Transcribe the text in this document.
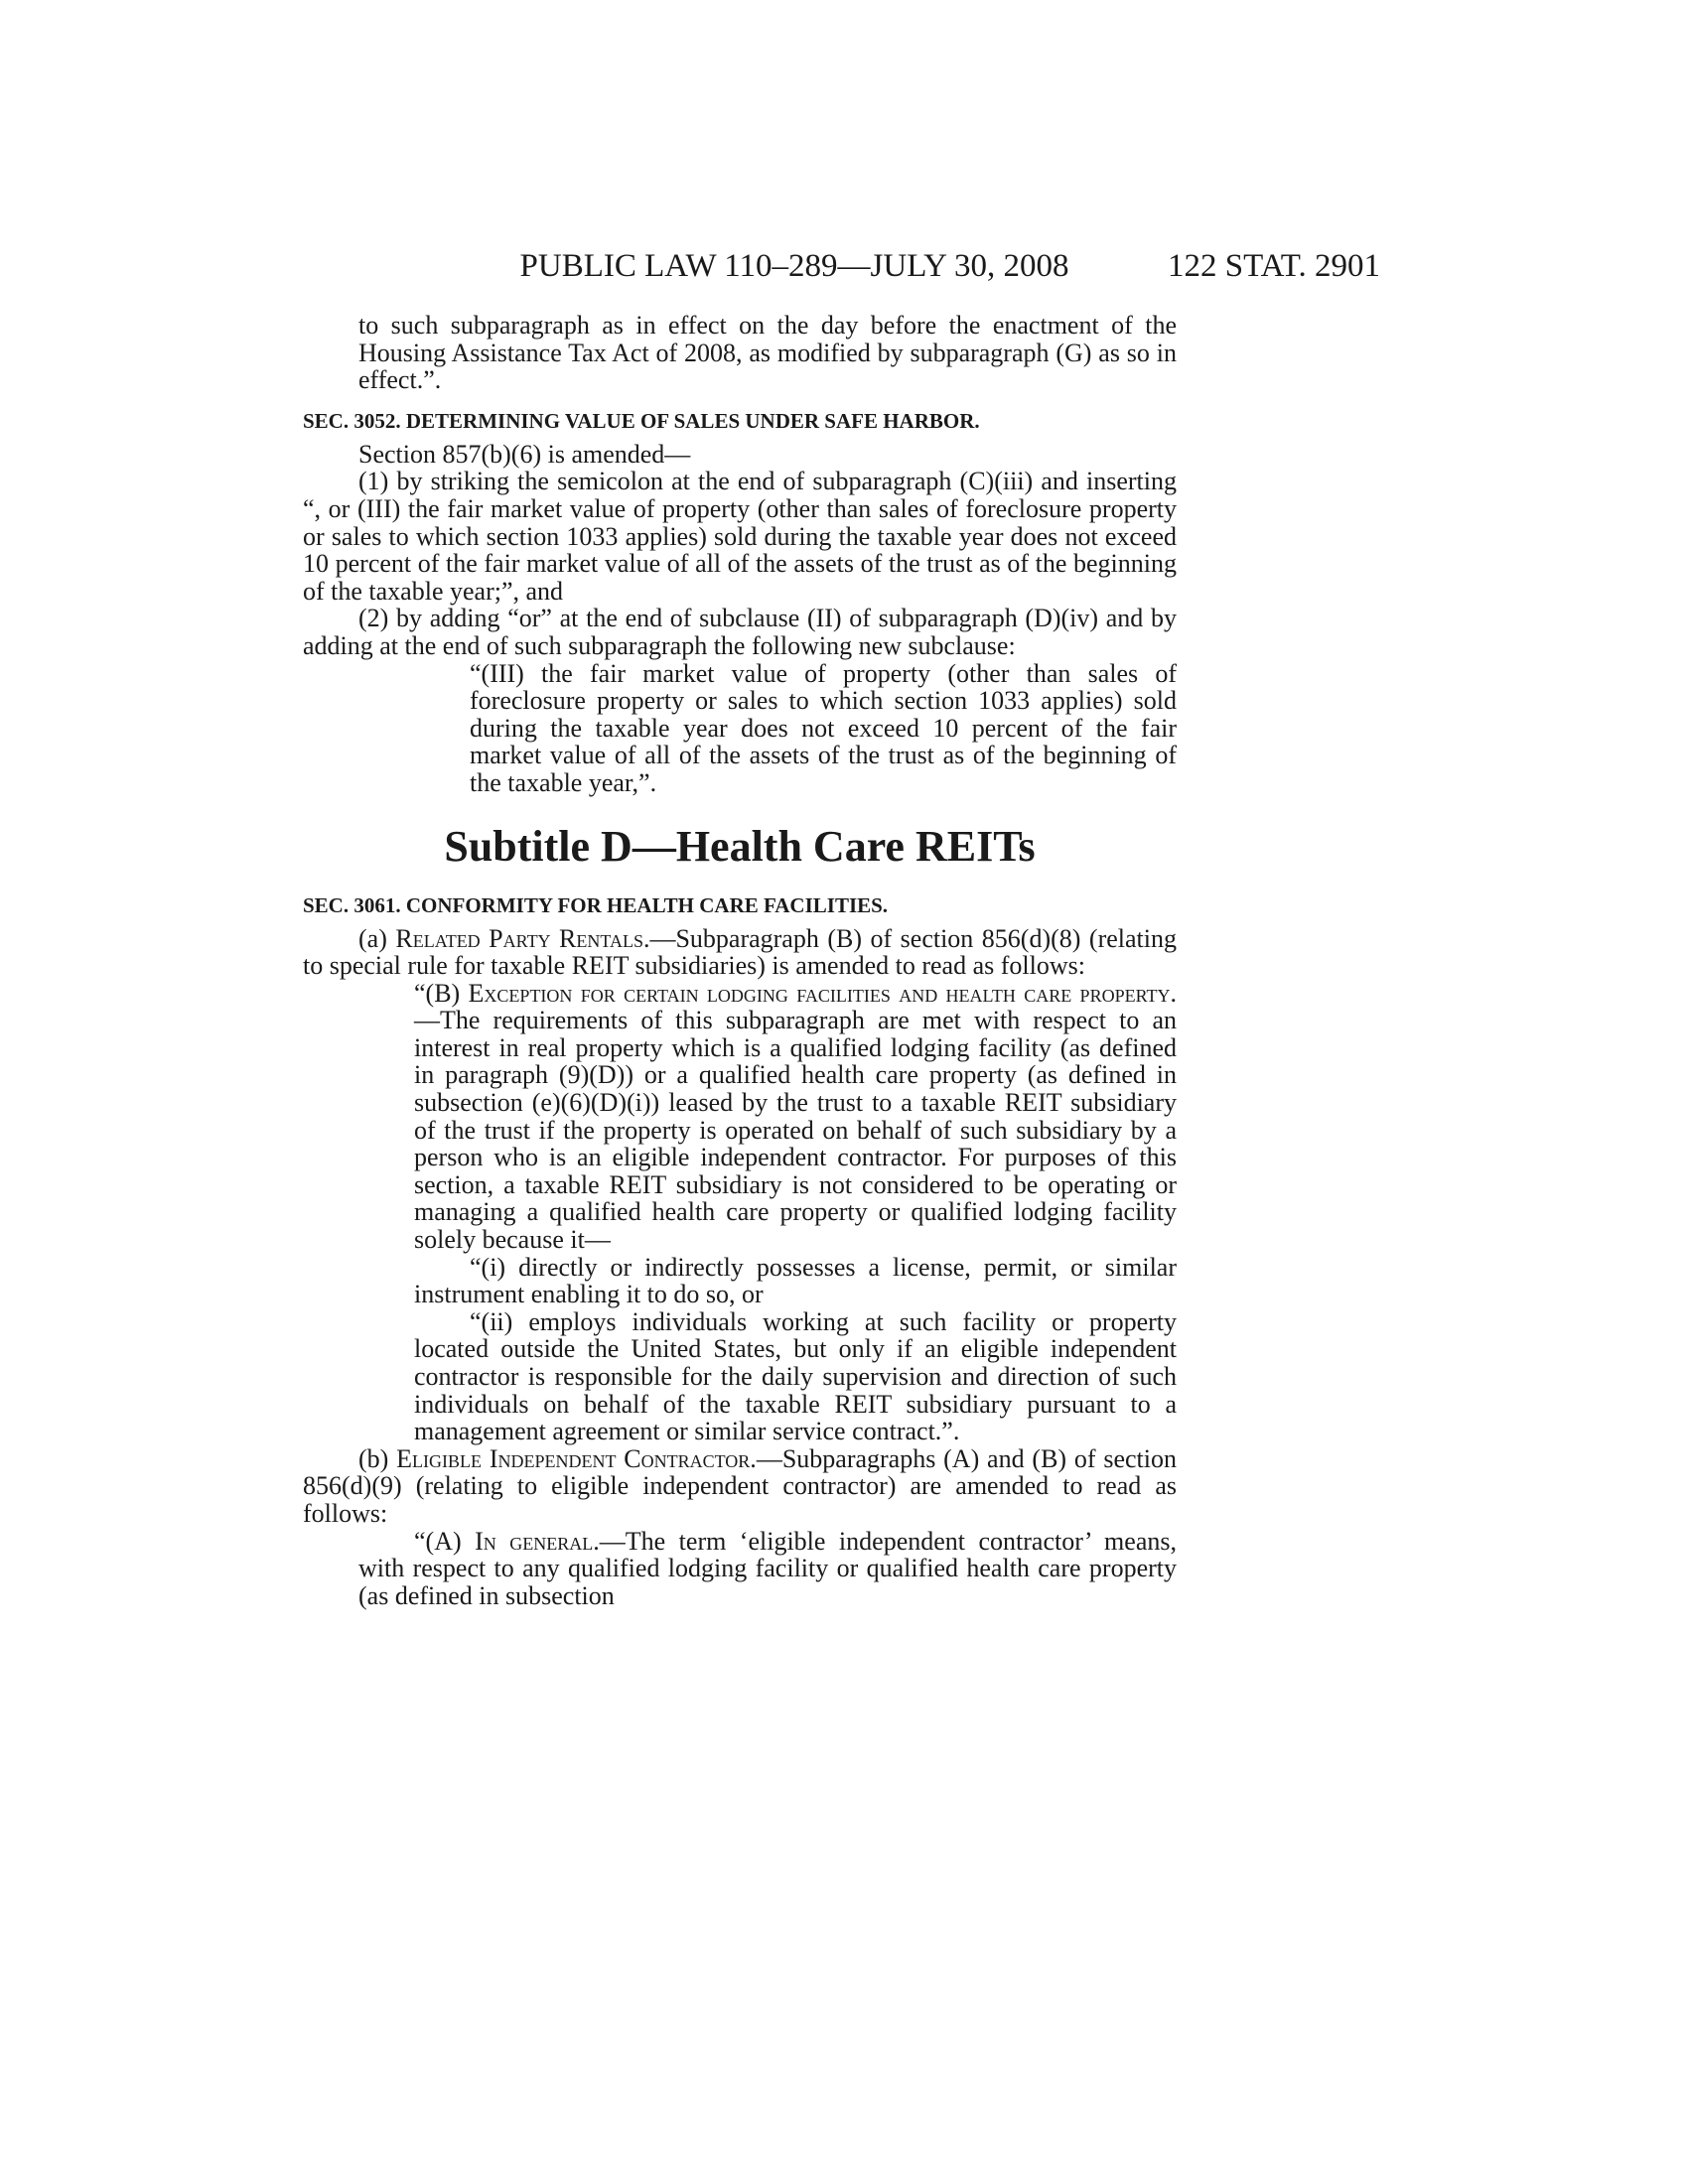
PUBLIC LAW 110–289—JULY 30, 2008	122 STAT. 2901

to such subparagraph as in effect on the day before the enactment of the Housing Assistance Tax Act of 2008, as modified by subparagraph (G) as so in effect.”.

SEC. 3052. DETERMINING VALUE OF SALES UNDER SAFE HARBOR.

Section 857(b)(6) is amended—

(1) by striking the semicolon at the end of subparagraph (C)(iii) and inserting “, or (III) the fair market value of property (other than sales of foreclosure property or sales to which section 1033 applies) sold during the taxable year does not exceed 10 percent of the fair market value of all of the assets of the trust as of the beginning of the taxable year;”, and

(2) by adding “or” at the end of subclause (II) of subparagraph (D)(iv) and by adding at the end of such subparagraph the following new subclause:

“(III) the fair market value of property (other than sales of foreclosure property or sales to which section 1033 applies) sold during the taxable year does not exceed 10 percent of the fair market value of all of the assets of the trust as of the beginning of the taxable year,”.

Subtitle D—Health Care REITs

SEC. 3061. CONFORMITY FOR HEALTH CARE FACILITIES.

(a) Related Party Rentals.—Subparagraph (B) of section 856(d)(8) (relating to special rule for taxable REIT subsidiaries) is amended to read as follows:

“(B) Exception for certain lodging facilities and health care property.—The requirements of this subparagraph are met with respect to an interest in real property which is a qualified lodging facility (as defined in paragraph (9)(D)) or a qualified health care property (as defined in subsection (e)(6)(D)(i)) leased by the trust to a taxable REIT subsidiary of the trust if the property is operated on behalf of such subsidiary by a person who is an eligible independent contractor. For purposes of this section, a taxable REIT subsidiary is not considered to be operating or managing a qualified health care property or qualified lodging facility solely because it—

“(i) directly or indirectly possesses a license, permit, or similar instrument enabling it to do so, or

“(ii) employs individuals working at such facility or property located outside the United States, but only if an eligible independent contractor is responsible for the daily supervision and direction of such individuals on behalf of the taxable REIT subsidiary pursuant to a management agreement or similar service contract.”.

(b) Eligible Independent Contractor.—Subparagraphs (A) and (B) of section 856(d)(9) (relating to eligible independent contractor) are amended to read as follows:

“(A) In general.—The term ‘eligible independent contractor’ means, with respect to any qualified lodging facility or qualified health care property (as defined in subsection
